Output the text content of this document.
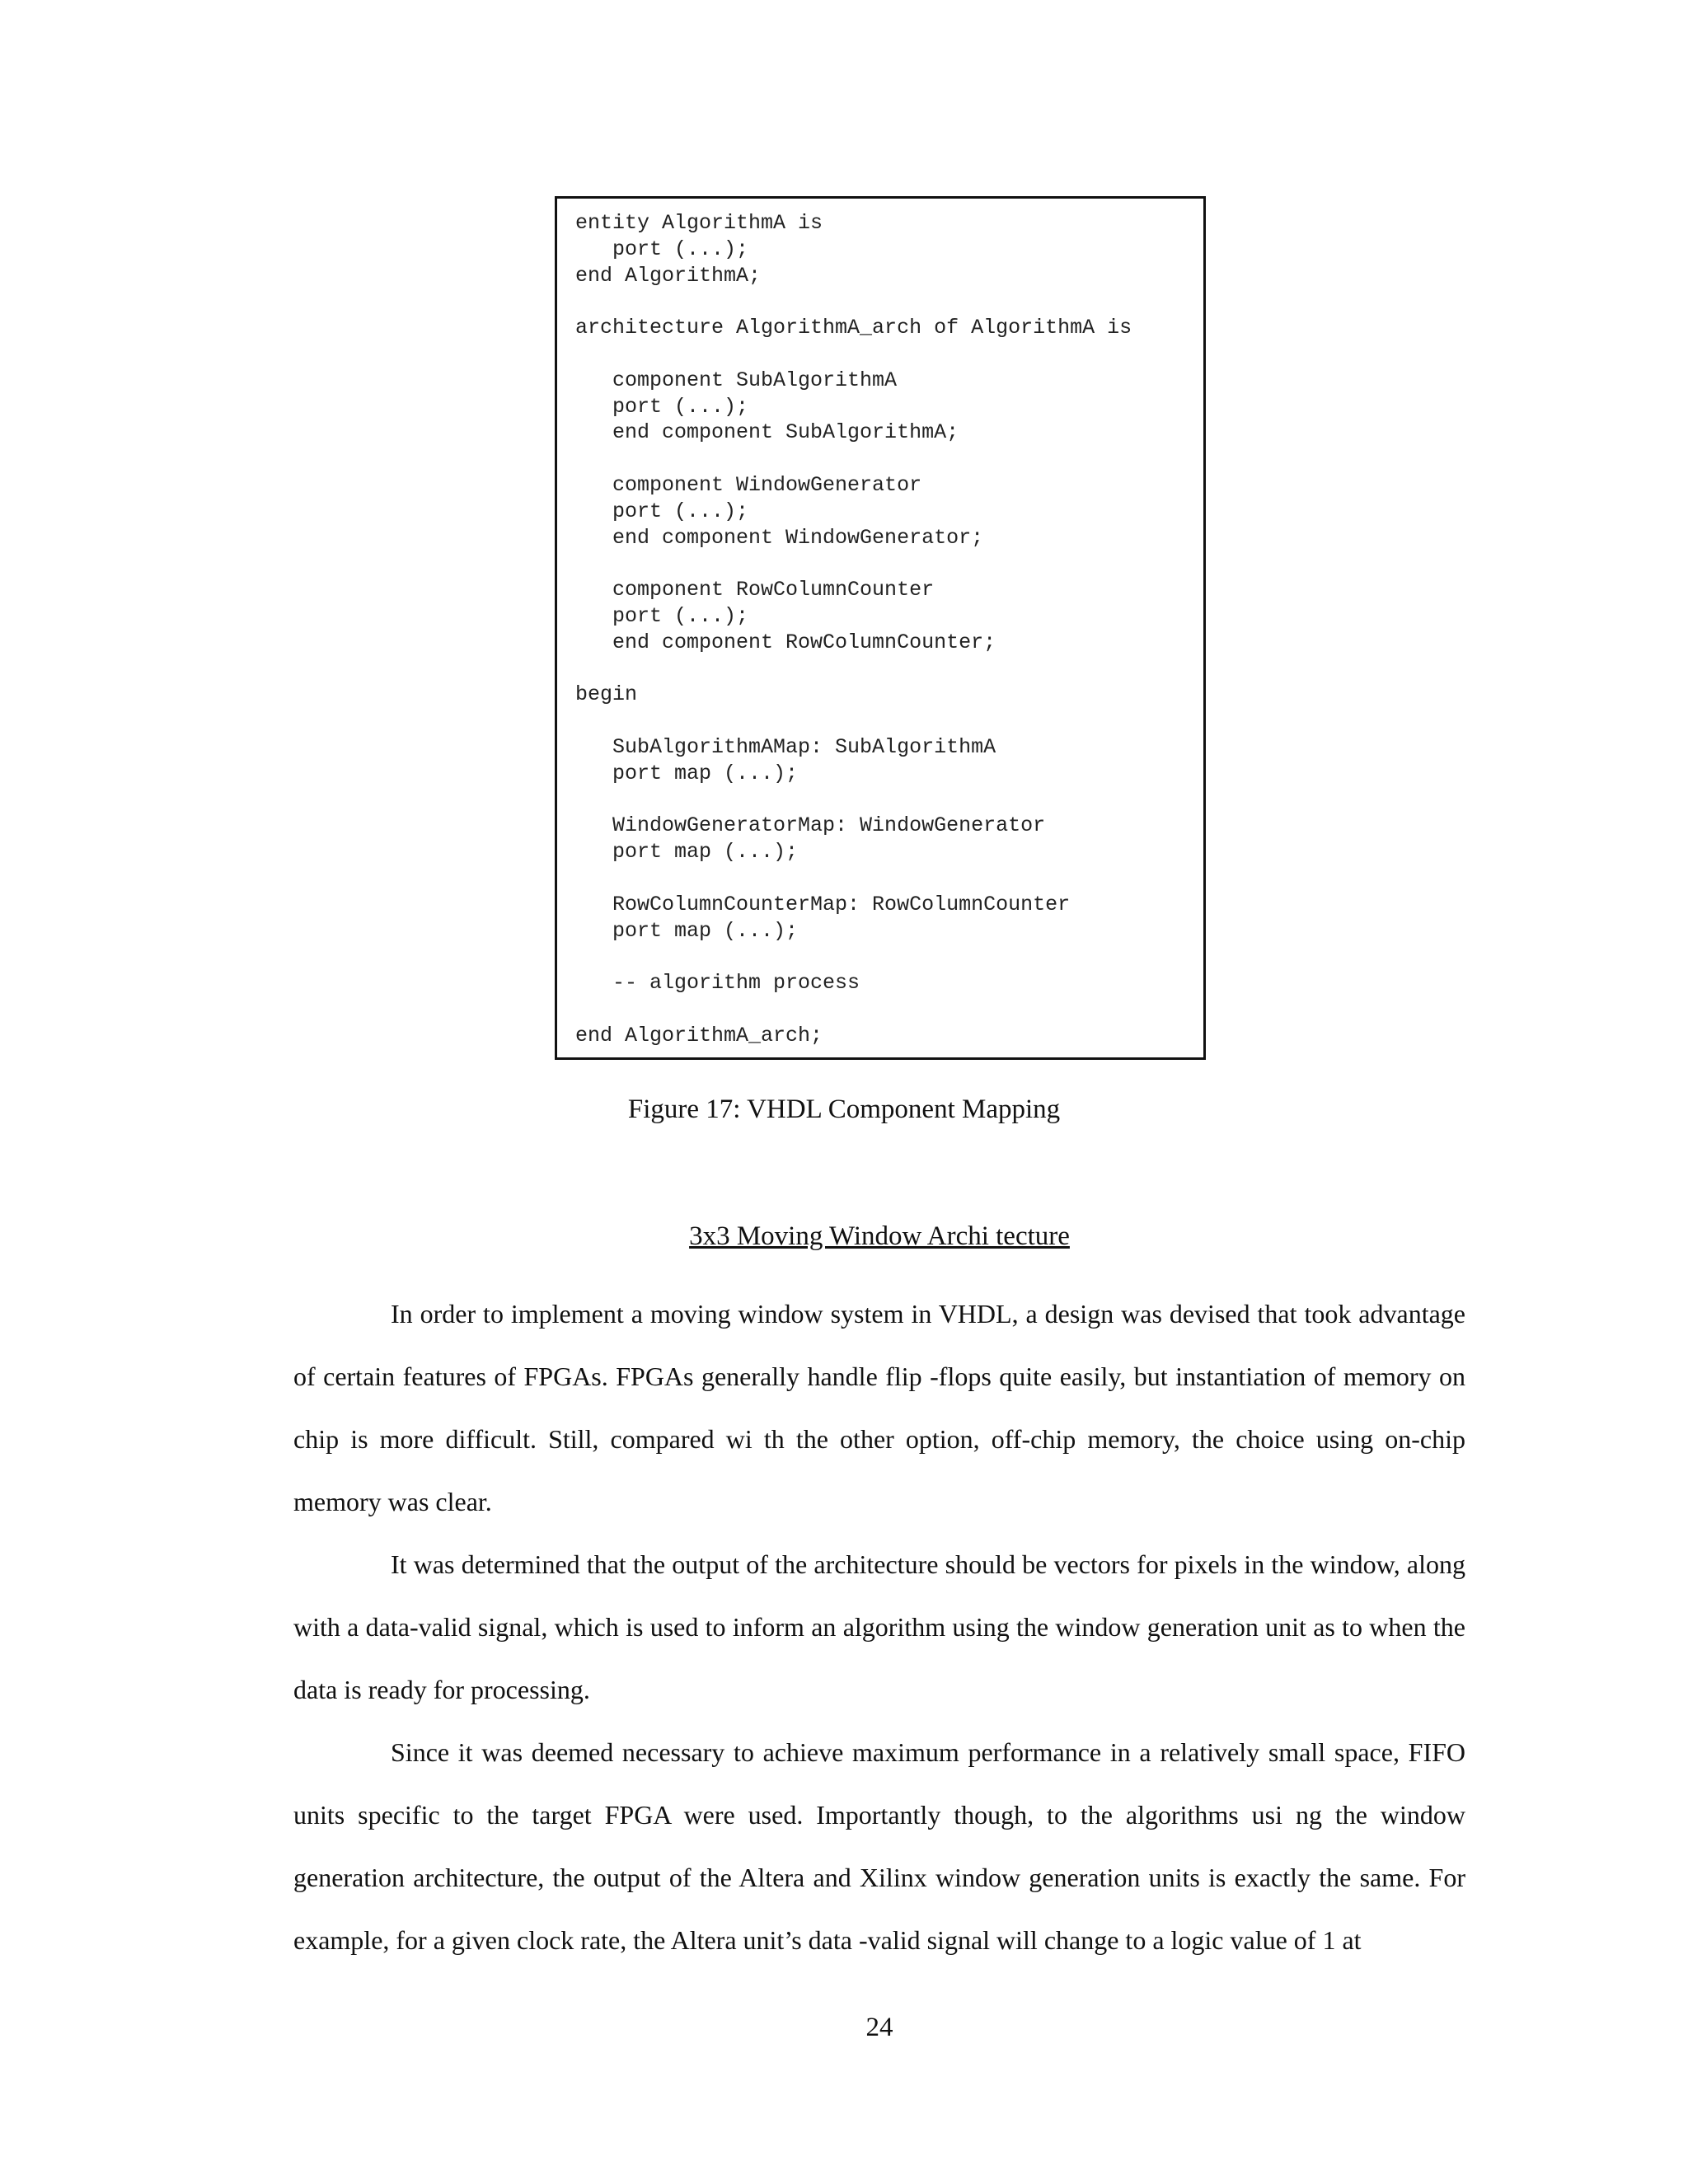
entity AlgorithmA is
port (...);
end AlgorithmA;
architecture AlgorithmA_arch of AlgorithmA is
component SubAlgorithmA
port (...);
end component SubAlgorithmA;
component WindowGenerator
port (...);
end component WindowGenerator;
component RowColumnCounter
port (...);
end component RowColumnCounter;
begin
SubAlgorithmAMap: SubAlgorithmA
port map (...);
WindowGeneratorMap: WindowGenerator
port map (...);
RowColumnCounterMap: RowColumnCounter
port map (...);
-- algorithm process
end AlgorithmA_arch;
Figure 17: VHDL Component Mapping
3x3 Moving Window Archi tecture

In order to implement a moving window system in VHDL, a design was devised that took advantage of certain features of FPGAs. FPGAs generally handle flip -flops quite easily, but instantiation of memory on chip is more difficult. Still, compared wi th the other option, off-chip memory, the choice using on-chip memory was clear.

It was determined that the output of the architecture should be vectors for pixels in the window, along with a data-valid signal, which is used to inform an algorithm using the window generation unit as to when the data is ready for processing.

Since it was deemed necessary to achieve maximum performance in a relatively small space, FIFO units specific to the target FPGA were used. Importantly though, to the algorithms usi ng the window generation architecture, the output of the Altera and Xilinx window generation units is exactly the same. For example, for a given clock rate, the Altera unit’s data -valid signal will change to a logic value of 1 at

24
